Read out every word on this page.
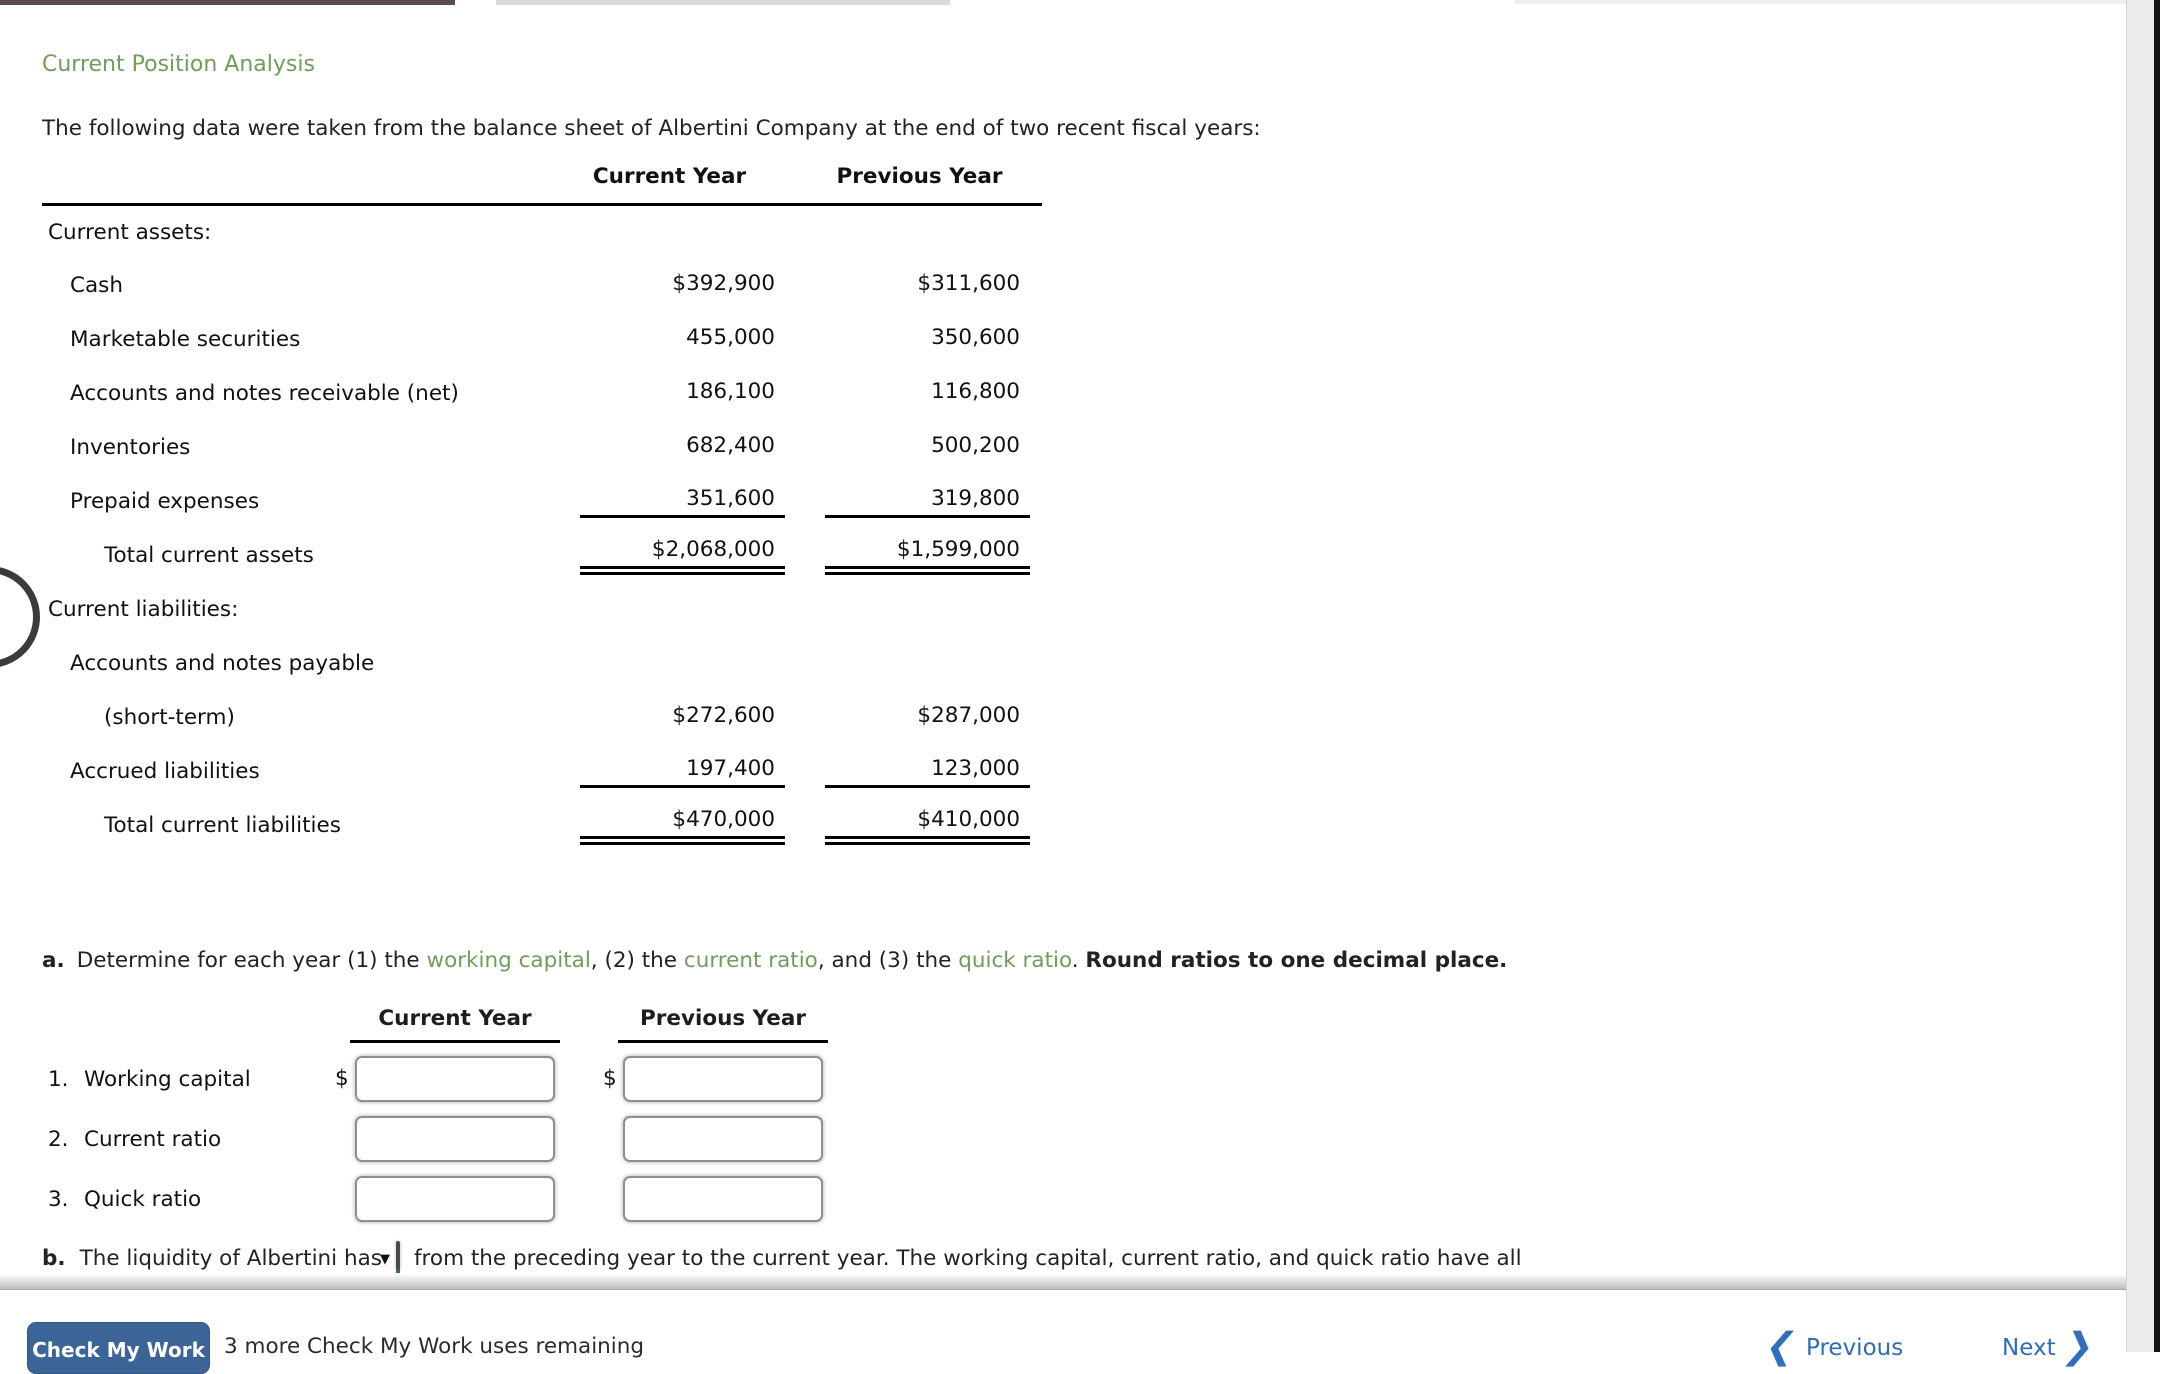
Current Position Analysis
The following data were taken from the balance sheet of Albertini Company at the end of two recent fiscal years:
	Current Year	Previous Year
Current assets:	

Cash	$392,900	$311,600

Marketable securities	455,000	350,600

Accounts and notes receivable (net)	186,100	116,800

Inventories	682,400	500,200

Prepaid expenses	351,600	319,800

Total current assets	$2,068,000	$1,599,000

Current liabilities:	

Accounts and notes payable	

(short-term)	$272,600	$287,000

Accrued liabilities	197,400	123,000

Total current liabilities	$470,000	$410,000
a. Determine for each year (1) the working capital, (2) the current ratio, and (3) the quick ratio. Round ratios to one decimal place.
Current Year	Previous Year
1. Working capital	$	$
2. Current ratio
3. Quick ratio
b. The liquidity of Albertini has
▼ from the preceding year to the current year. The working capital, current ratio, and quick ratio have all
Check My Work 3 more Check My Work uses remaining	❮ Previous	Next ❯
